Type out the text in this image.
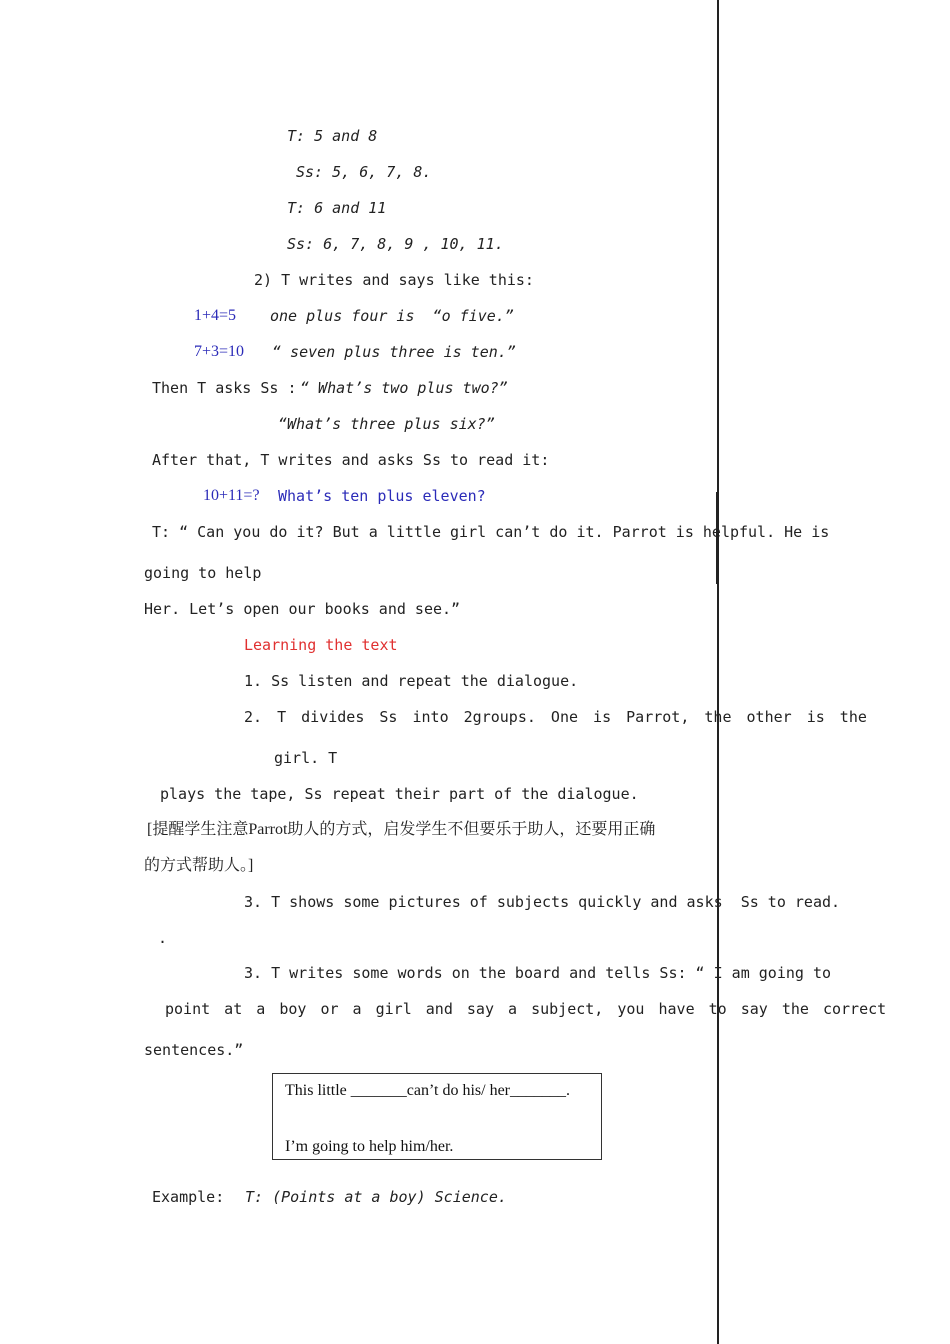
T: 5 and 8
Ss: 5, 6, 7, 8.
T: 6 and 11
Ss: 6, 7, 8, 9 , 10, 11.
2) T writes and says like this:
1+4=5 one plus four is  “o five.”
7+3=10 “ seven plus three is ten.”
Then T asks Ss : “ What’s two plus two?”
“What’s three plus six?”
After that, T writes and asks Ss to read it:
10+11=? What’s ten plus eleven?
T: “ Can you do it? But a little girl can’t do it. Parrot is helpful. He is
going to help
Her. Let’s open our books and see.”
Learning the text
1. Ss listen and repeat the dialogue.
2. T divides Ss into 2groups. One is Parrot, the other is the
girl. T
plays the tape, Ss repeat their part of the dialogue.
[提醒学生注意Parrot助人的方式，启发学生不但要乐于助人，还要用正确
的方式帮助人。]
3. T shows some pictures of subjects quickly and asks  Ss to read.
.
3. T writes some words on the board and tells Ss: “ I am going to
point at a boy or a girl and say a subject, you have to say the correct
sentences.”
This little _______can’t do his/ her_______.
I’m going to help him/her.
Example: T: (Points at a boy) Science.
